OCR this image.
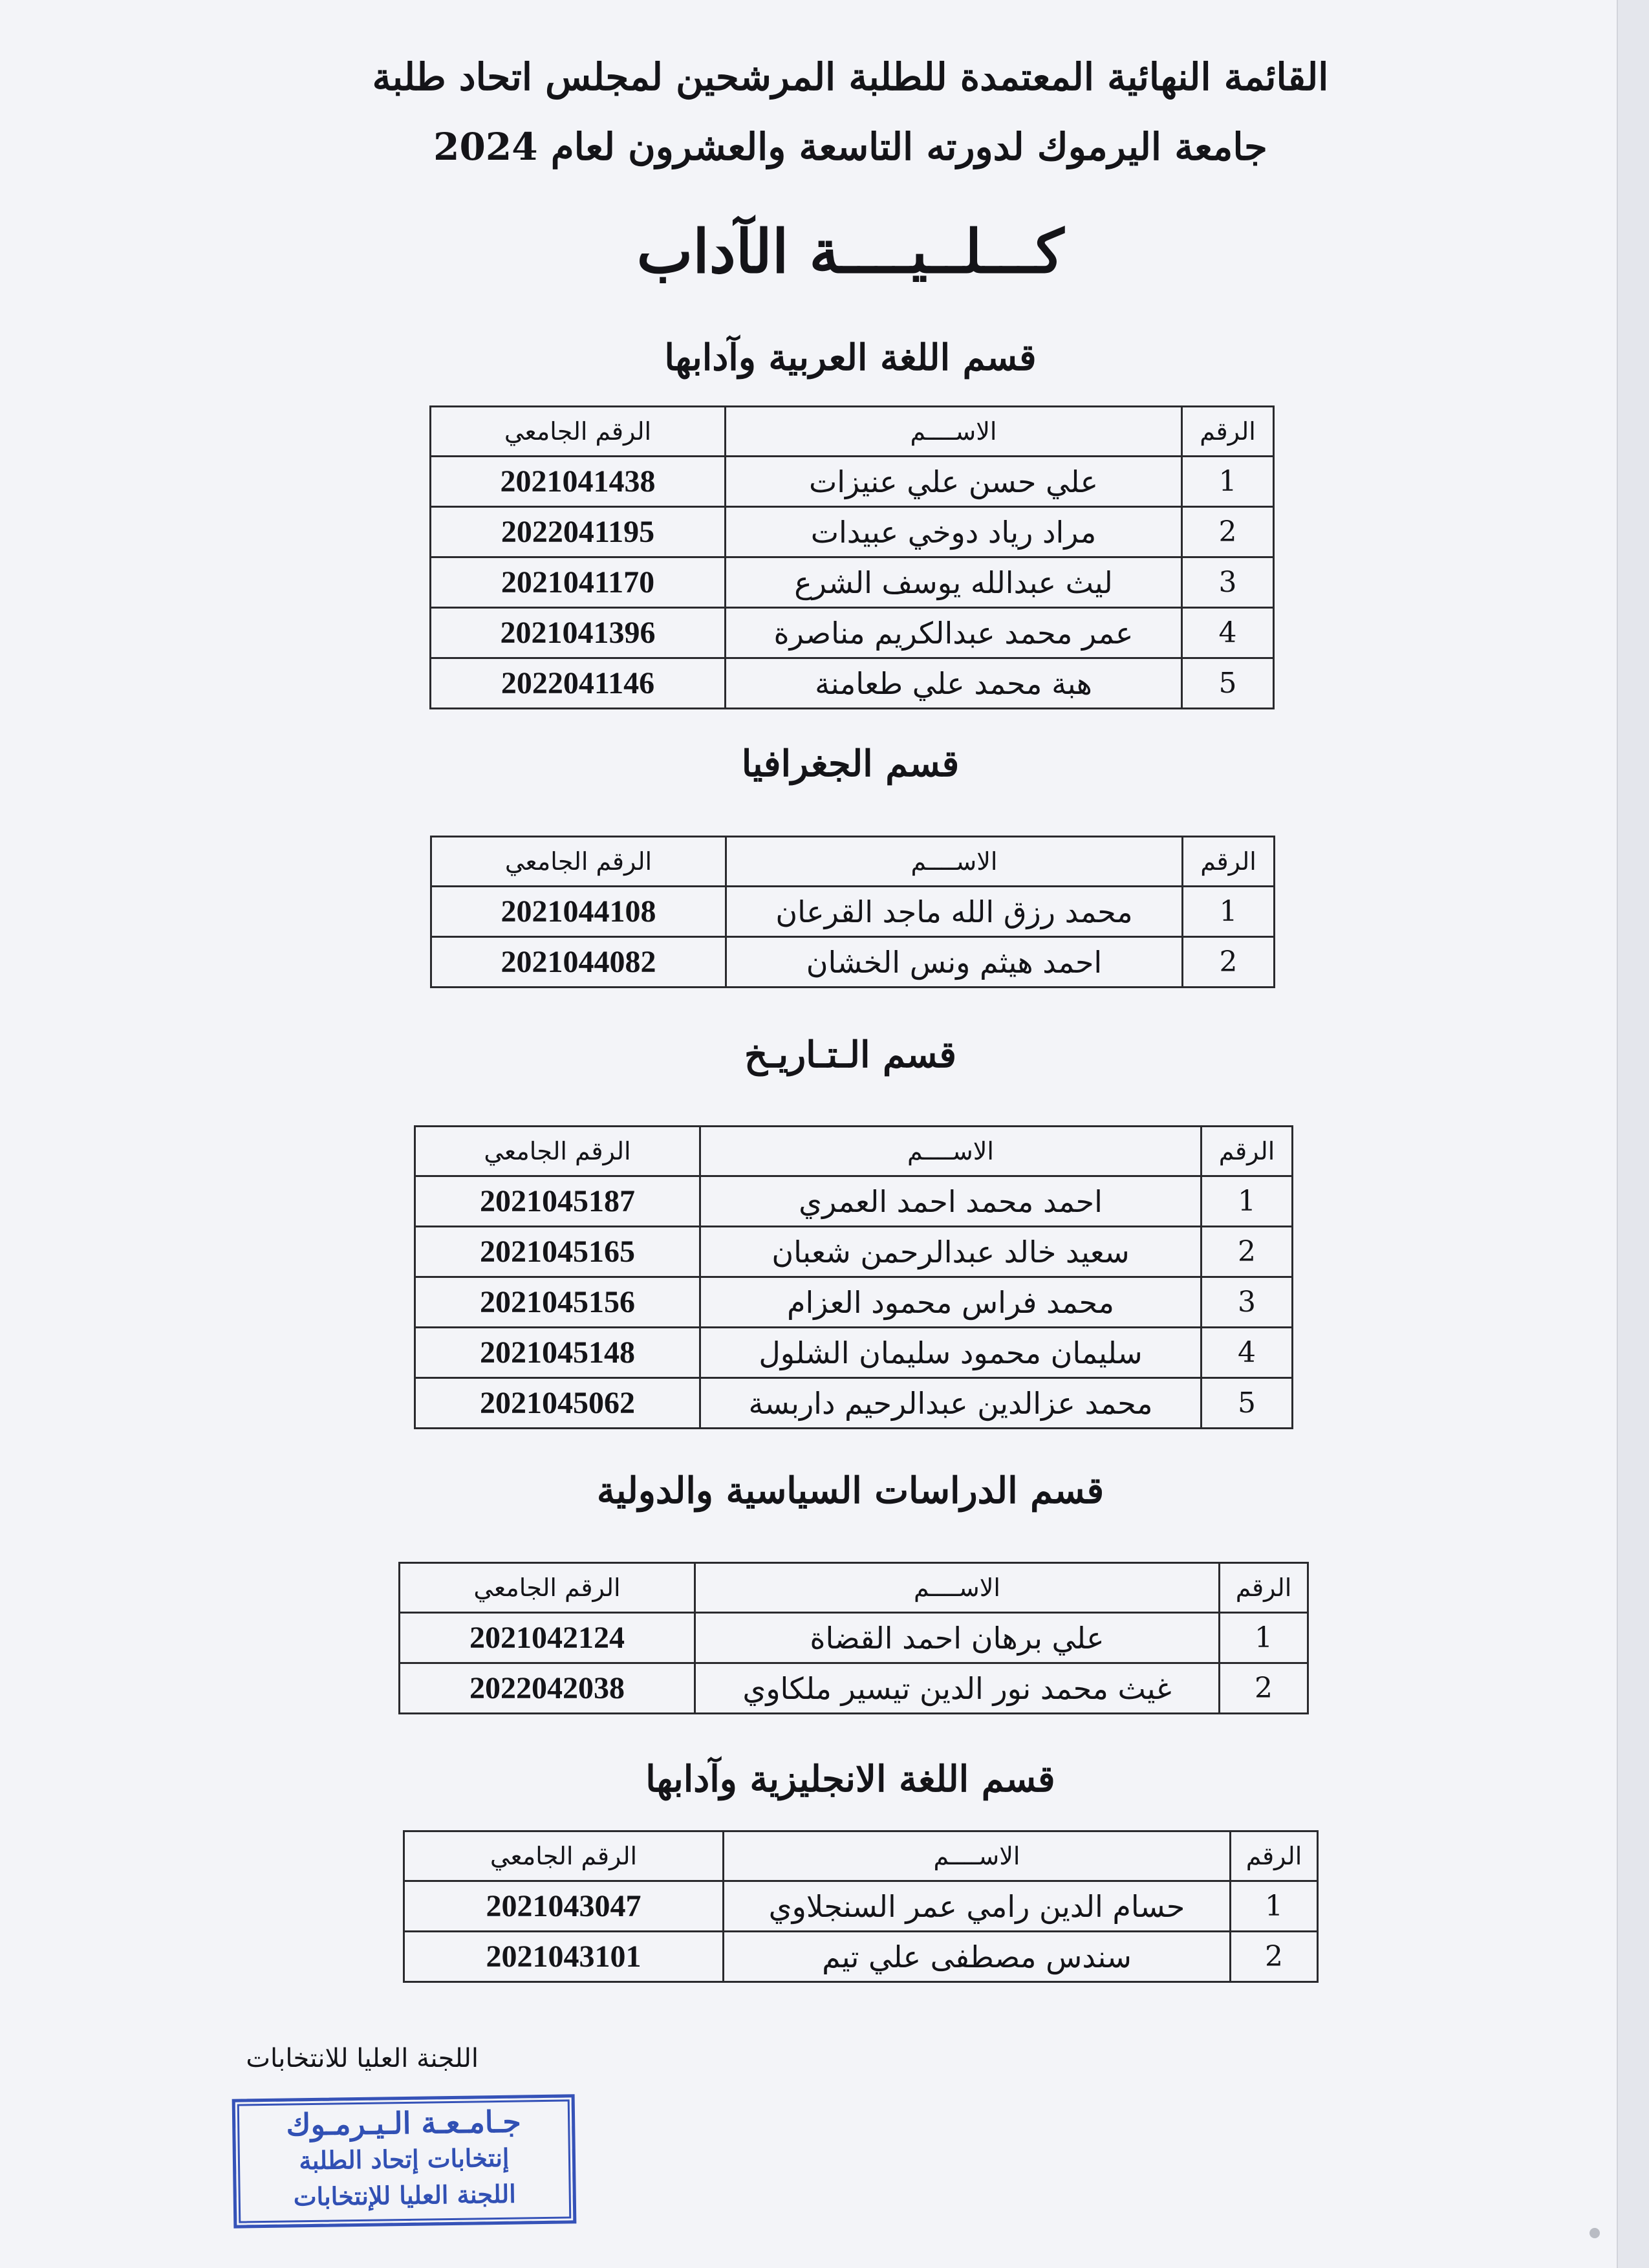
القائمة النهائية المعتمدة للطلبة المرشحين لمجلس اتحاد طلبة
جامعة اليرموك لدورته التاسعة والعشرون لعام 2024
كـــلــيــــة الآداب
قسم اللغة العربية وآدابها
الرقم	الاســــم	الرقم الجامعي
1	علي حسن علي عنيزات	2021041438
2	مراد رياد دوخي عبيدات	2022041195
3	ليث عبدالله يوسف الشرع	2021041170
4	عمر محمد عبدالكريم مناصرة	2021041396
5	هبة محمد علي طعامنة	2022041146
قسم الجغرافيا
الرقم	الاســــم	الرقم الجامعي
1	محمد رزق الله ماجد القرعان	2021044108
2	احمد هيثم ونس الخشان	2021044082
قسم الـتـاريـخ
الرقم	الاســــم	الرقم الجامعي
1	احمد محمد احمد العمري	2021045187
2	سعيد خالد عبدالرحمن شعبان	2021045165
3	محمد فراس محمود العزام	2021045156
4	سليمان محمود سليمان الشلول	2021045148
5	محمد عزالدين عبدالرحيم داربسة	2021045062
قسم الدراسات السياسية والدولية
الرقم	الاســــم	الرقم الجامعي
1	علي برهان احمد القضاة	2021042124
2	غيث محمد نور الدين تيسير ملكاوي	2022042038
قسم اللغة الانجليزية وآدابها
الرقم	الاســــم	الرقم الجامعي
1	حسام الدين رامي عمر السنجلاوي	2021043047
2	سندس مصطفى علي تيم	2021043101
اللجنة العليا للانتخابات
جـامـعـة الـيـرمـوك
إنتخابات إتحاد الطلبة
اللجنة العليا للإنتخابات
